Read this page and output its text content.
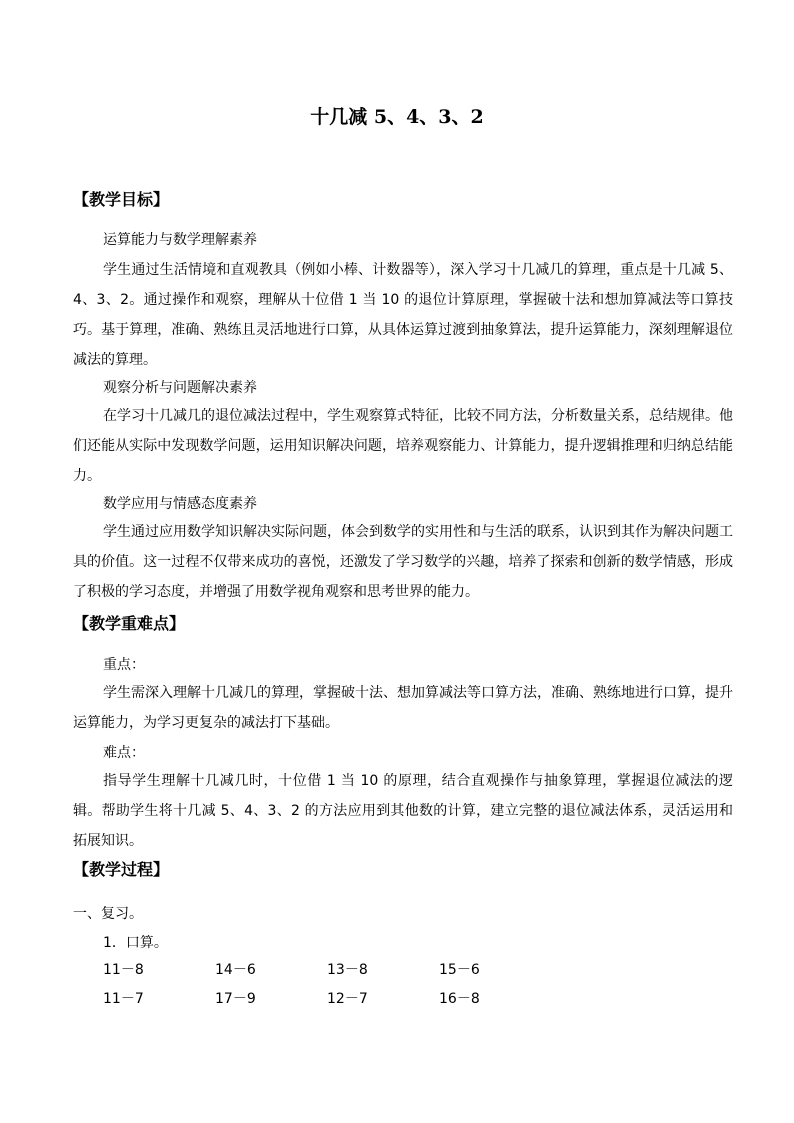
十几减 5、4、3、2
【教学目标】
运算能力与数学理解素养

学生通过生活情境和直观教具（例如小棒、计数器等），深入学习十几减几的算理，重点是十几减 5、4、3、2。通过操作和观察，理解从十位借 1 当 10 的退位计算原理，掌握破十法和想加算减法等口算技巧。基于算理，准确、熟练且灵活地进行口算，从具体运算过渡到抽象算法，提升运算能力，深刻理解退位减法的算理。

观察分析与问题解决素养

在学习十几减几的退位减法过程中，学生观察算式特征，比较不同方法，分析数量关系，总结规律。他们还能从实际中发现数学问题，运用知识解决问题，培养观察能力、计算能力，提升逻辑推理和归纳总结能力。

数学应用与情感态度素养

学生通过应用数学知识解决实际问题，体会到数学的实用性和与生活的联系，认识到其作为解决问题工具的价值。这一过程不仅带来成功的喜悦，还激发了学习数学的兴趣，培养了探索和创新的数学情感，形成了积极的学习态度，并增强了用数学视角观察和思考世界的能力。

【教学重难点】
重点：

学生需深入理解十几减几的算理，掌握破十法、想加算减法等口算方法，准确、熟练地进行口算，提升运算能力，为学习更复杂的减法打下基础。

难点：

指导学生理解十几减几时，十位借 1 当 10 的原理，结合直观操作与抽象算理，掌握退位减法的逻辑。帮助学生将十几减 5、4、3、2 的方法应用到其他数的计算，建立完整的退位减法体系，灵活运用和拓展知识。

【教学过程】
一、复习。
1．口算。
11－8	14－6	13－8	15－6
11－7	17－9	12－7	16－8
